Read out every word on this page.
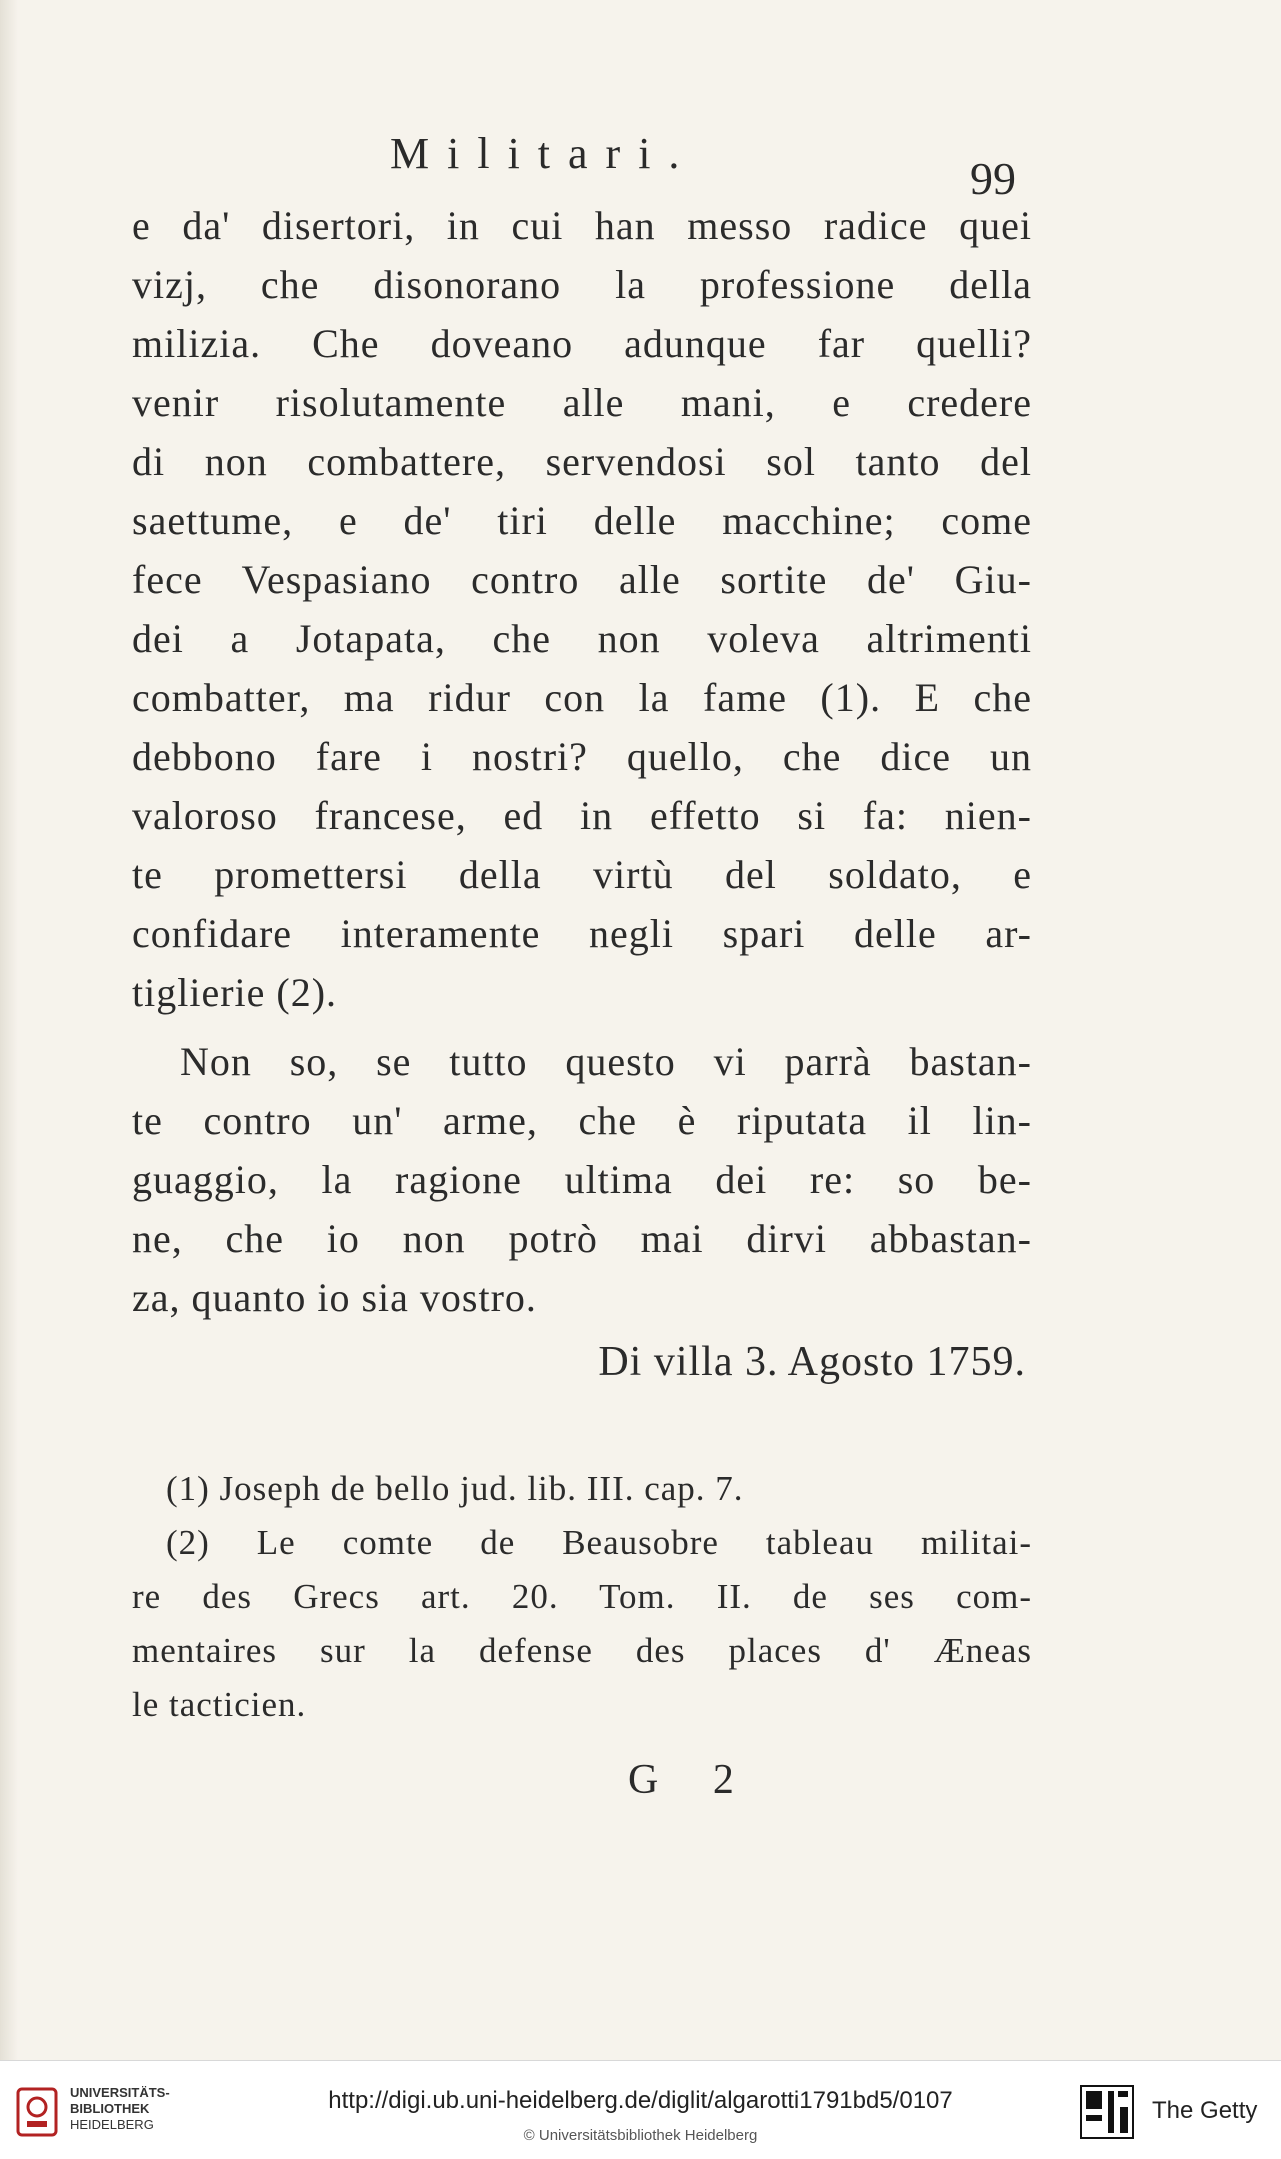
Militari.	99
e da' disertori, in cui han messo radice quei
vizj, che disonorano la professione della
milizia. Che doveano adunque far quelli?
venir risolutamente alle mani, e credere
di non combattere, servendosi sol tanto del
saettume, e de' tiri delle macchine; come
fece Vespasiano contro alle sortite de' Giu-
dei a Jotapata, che non voleva altrimenti
combatter, ma ridur con la fame (1). E che
debbono fare i nostri? quello, che dice un
valoroso francese, ed in effetto si fa: nien-
te promettersi della virtù del soldato, e
confidare interamente negli spari delle ar-
tiglierie (2).
Non so, se tutto questo vi parrà bastan-
te contro un' arme, che è riputata il lin-
guaggio, la ragione ultima dei re: so be-
ne, che io non potrò mai dirvi abbastan-
za, quanto io sia vostro.
Di villa 3. Agosto 1759.
(1) Joseph de bello jud. lib. III. cap. 7.
(2) Le comte de Beausobre tableau militai-
re des Grecs art. 20. Tom. II. de ses com-
mentaires sur la defense des places d' Æneas
le tacticien.
G 2
UNIVERSITÄTS-
BIBLIOTHEK
HEIDELBERG
http://digi.ub.uni-heidelberg.de/diglit/algarotti1791bd5/0107
© Universitätsbibliothek Heidelberg
The Getty
